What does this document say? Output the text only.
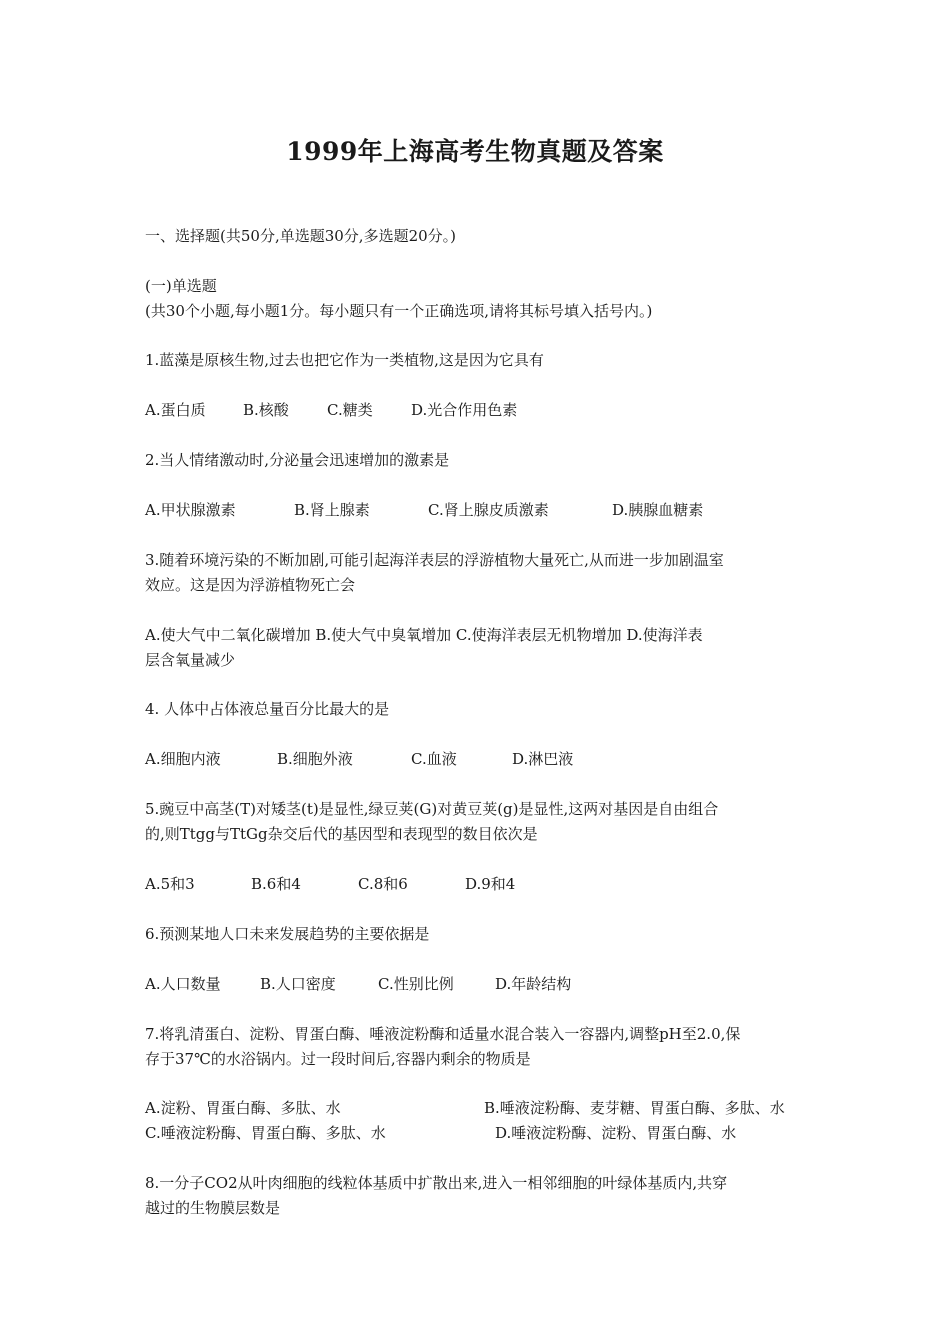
1999年上海高考生物真题及答案
一、选择题(共50分,单选题30分,多选题20分。)
(一)单选题
(共30个小题,每小题1分。每小题只有一个正确选项,请将其标号填入括号内。)
1.蓝藻是原核生物,过去也把它作为一类植物,这是因为它具有
A.蛋白质 B.核酸	C.糖类	D.光合作用色素
2.当人情绪激动时,分泌量会迅速增加的激素是
A.甲状腺激素	B.肾上腺素	C.肾上腺皮质激素	D.胰腺血糖素
3.随着环境污染的不断加剧,可能引起海洋表层的浮游植物大量死亡,从而进一步加剧温室
效应。这是因为浮游植物死亡会
A.使大气中二氧化碳增加 B.使大气中臭氧增加 C.使海洋表层无机物增加 D.使海洋表
层含氧量减少
4. 人体中占体液总量百分比最大的是
A.细胞内液	B.细胞外液	C.血液	D.淋巴液
5.豌豆中高茎(T)对矮茎(t)是显性,绿豆荚(G)对黄豆荚(g)是显性,这两对基因是自由组合
的,则Ttgg与TtGg杂交后代的基因型和表现型的数目依次是
A.5和3	B.6和4	C.8和6	D.9和4
6.预测某地人口未来发展趋势的主要依据是
A.人口数量	B.人口密度	C.性别比例	D.年龄结构
7.将乳清蛋白、淀粉、胃蛋白酶、唾液淀粉酶和适量水混合装入一容器内,调整pH至2.0,保
存于37℃的水浴锅内。过一段时间后,容器内剩余的物质是
A.淀粉、胃蛋白酶、多肽、水	B.唾液淀粉酶、麦芽糖、胃蛋白酶、多肽、水
C.唾液淀粉酶、胃蛋白酶、多肽、水	D.唾液淀粉酶、淀粉、胃蛋白酶、水
8.一分子CO2从叶肉细胞的线粒体基质中扩散出来,进入一相邻细胞的叶绿体基质内,共穿
越过的生物膜层数是
